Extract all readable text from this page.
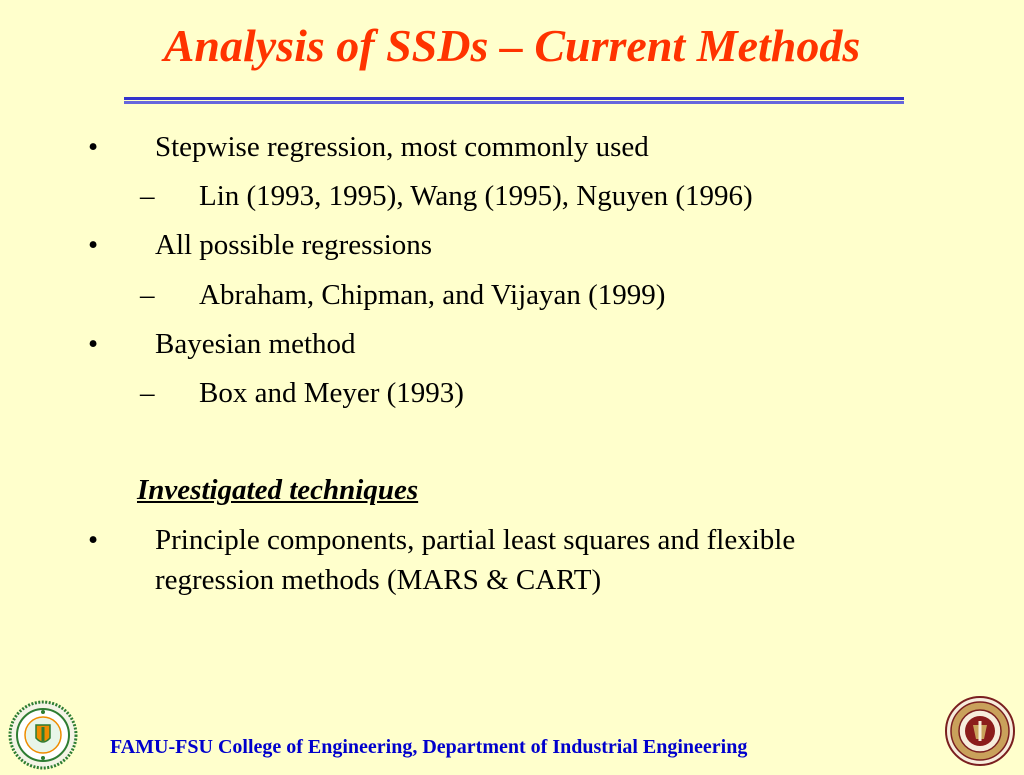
Analysis of SSDs – Current Methods
• Stepwise regression, most commonly used
– Lin (1993, 1995), Wang (1995), Nguyen (1996)
• All possible regressions
– Abraham, Chipman, and Vijayan (1999)
• Bayesian method
– Box and Meyer (1993)
• Principle components, partial least squares and flexible
regression methods (MARS & CART)
Investigated techniques
FAMU-FSU College of Engineering, Department of Industrial Engineering
